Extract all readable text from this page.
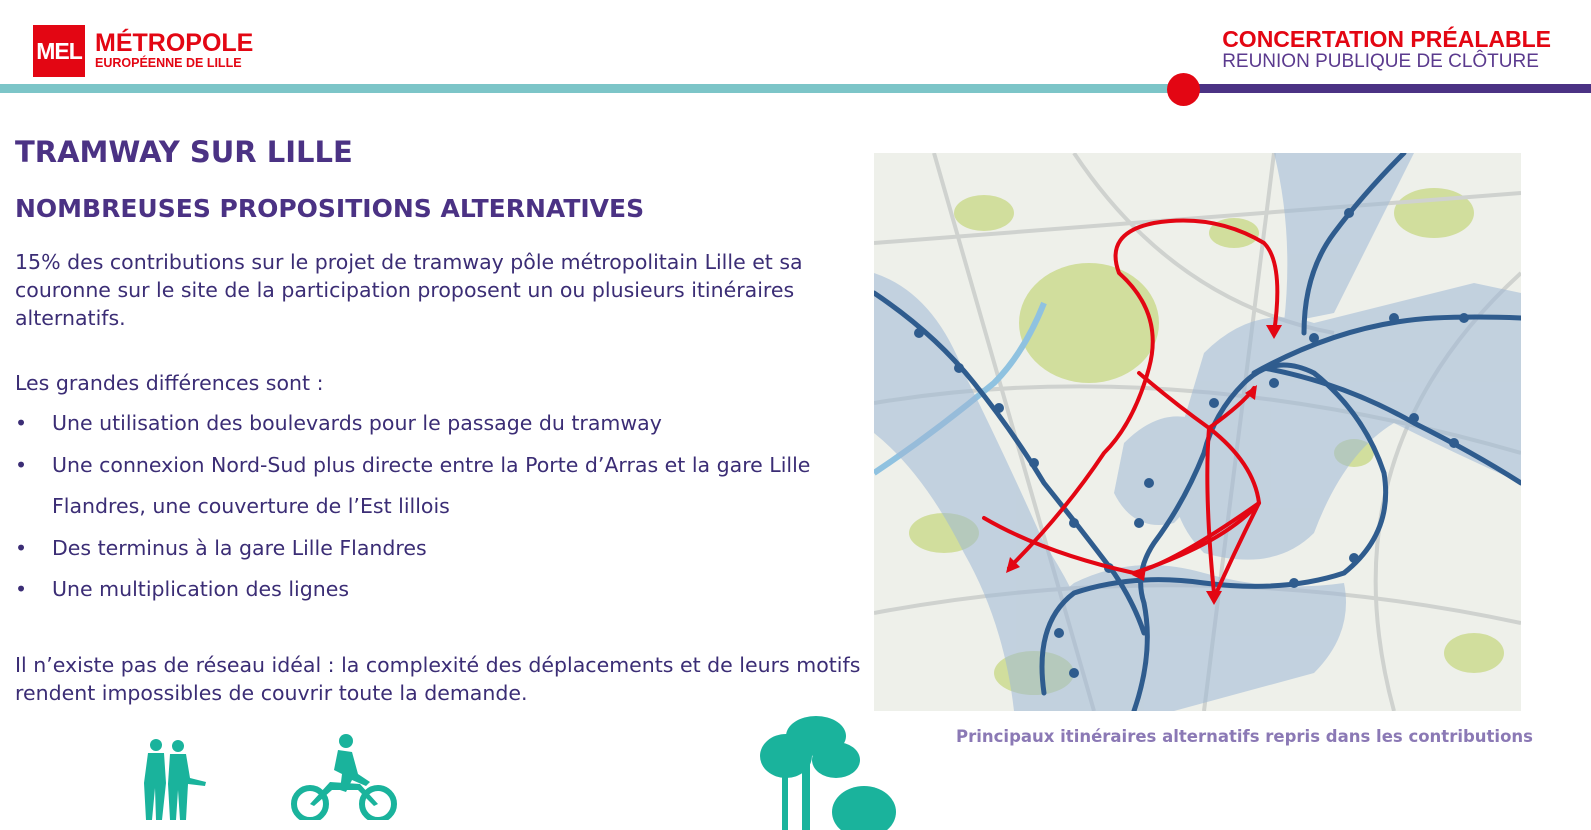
MEL MÉTROPOLE
EUROPÉENNE DE LILLE
CONCERTATION PRÉALABLE
REUNION PUBLIQUE DE CLÔTURE
TRAMWAY SUR LILLE
NOMBREUSES PROPOSITIONS ALTERNATIVES
15% des contributions sur le projet de tramway pôle métropolitain Lille et sa couronne sur le site de la participation proposent un ou plusieurs itinéraires alternatifs.
Les grandes différences sont :
• Une utilisation des boulevards pour le passage du tramway
• Une connexion Nord-Sud plus directe entre la Porte d’Arras et la gare Lille Flandres, une couverture de l’Est lillois
• Des terminus à la gare Lille Flandres
• Une multiplication des lignes
Il n’existe pas de réseau idéal : la complexité des déplacements et de leurs motifs rendent impossibles de couvrir toute la demande.
Principaux itinéraires alternatifs repris dans les contributions
